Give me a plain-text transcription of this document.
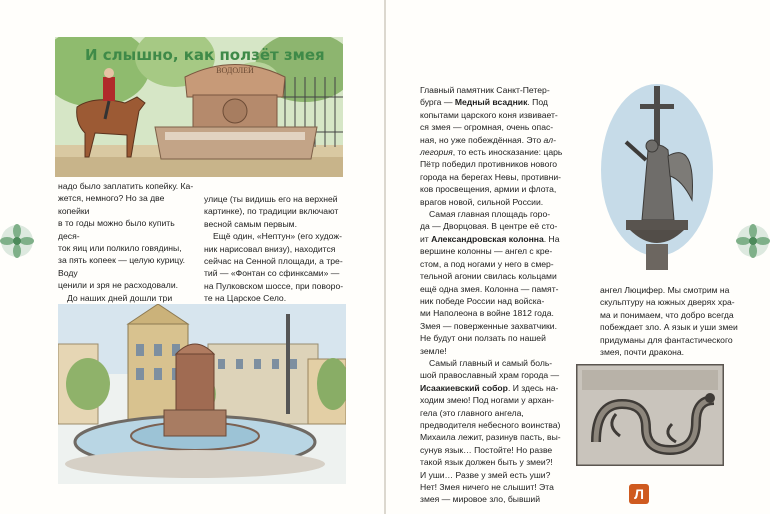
ВОДОЛЕЙ

надо было заплатить копейку. Ка-

жется, немного? Но за две копейки

в то годы можно было купить деся-

ток яиц или полкило говядины,

за пять копеек — целую курицу. Воду

ценили и зря не расходовали.

До наших дней дошли три

улице (ты видишь его на верхней

картинке), по традиции включают

весной самым первым.

Ещё один, «Нептун» (его худож-

ник нарисовал внизу), находится

сейчас на Сенной площади, а тре-

тий — «Фонтан со сфинксами» —

на Пулковском шоссе, при поворо-

те на Царское Село.

И слышно, как ползёт змея

Главный памятник Санкт-Петер-

бурга — Медный всадник. Под

копытами царского коня извивает-

ся змея — огромная, очень опас-

ная, но уже побеждённая. Это ал-

легория, то есть иносказание: царь

Пётр победил противников нового

города на берегах Невы, противни-

ков просвещения, армии и флота,

врагов новой, сильной России.

Самая главная площадь горо-

да — Дворцовая. В центре её сто-

ит Александровская колонна. На

вершине колонны — ангел с кре-

стом, а под ногами у него в смер-

тельной агонии свилась кольцами

ещё одна змея. Колонна — памят-

ник победе России над войска-

ми Наполеона в войне 1812 года.

Змея — поверженные захватчики.

Не будут они ползать по нашей

земле!

Самый главный и самый боль-

шой православный храм города —

Исаакиевский собор. И здесь на-

ходим змею! Под ногами у архан-

гела (это главного ангела,

предводителя небесного воинства)

Михаила лежит, разинув пасть, вы-

сунув язык… Постойте! Но разве

такой язык должен быть у змеи?!

И уши… Разве у змей есть уши?

Нет! Змея ничего не слышит! Эта

змея — мировое зло, бывший

ангел Люцифер. Мы смотрим на

скульптуру на южных дверях хра-

ма и понимаем, что добро всегда

побеждает зло. А язык и уши змеи

придуманы для фантастического

змея, почти дракона.

Л
